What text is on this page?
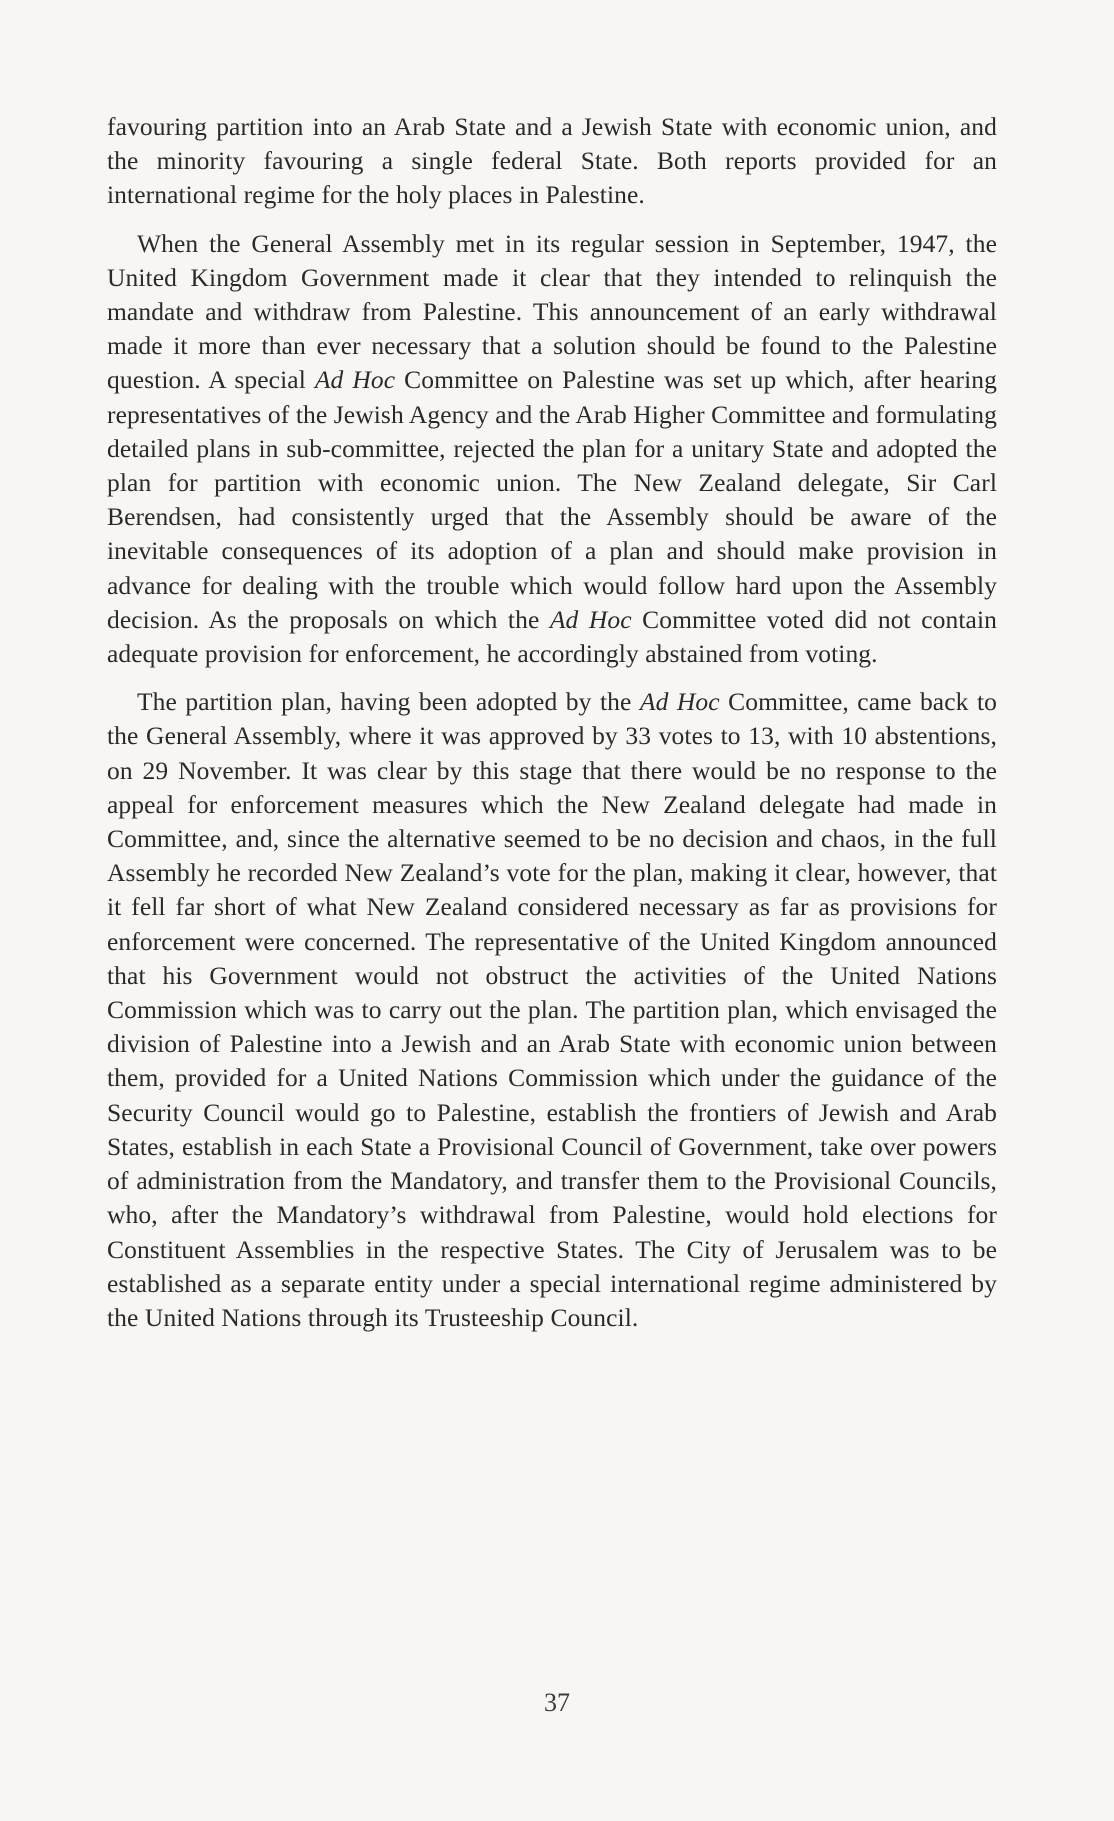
favouring partition into an Arab State and a Jewish State with economic union, and the minority favouring a single federal State. Both reports provided for an international regime for the holy places in Palestine.

When the General Assembly met in its regular session in September, 1947, the United Kingdom Government made it clear that they intended to relinquish the mandate and withdraw from Palestine. This announcement of an early withdrawal made it more than ever necessary that a solution should be found to the Palestine question. A special Ad Hoc Committee on Palestine was set up which, after hearing representatives of the Jewish Agency and the Arab Higher Committee and formulating detailed plans in sub-committee, rejected the plan for a unitary State and adopted the plan for partition with economic union. The New Zealand delegate, Sir Carl Berendsen, had consistently urged that the Assembly should be aware of the inevitable consequences of its adoption of a plan and should make provision in advance for dealing with the trouble which would follow hard upon the Assembly decision. As the proposals on which the Ad Hoc Committee voted did not contain adequate provision for enforcement, he accordingly abstained from voting.

The partition plan, having been adopted by the Ad Hoc Committee, came back to the General Assembly, where it was approved by 33 votes to 13, with 10 abstentions, on 29 November. It was clear by this stage that there would be no response to the appeal for enforcement measures which the New Zealand delegate had made in Committee, and, since the alternative seemed to be no decision and chaos, in the full Assembly he recorded New Zealand’s vote for the plan, making it clear, however, that it fell far short of what New Zealand considered necessary as far as provisions for enforcement were concerned. The representative of the United Kingdom announced that his Government would not obstruct the activities of the United Nations Commission which was to carry out the plan. The partition plan, which envisaged the division of Palestine into a Jewish and an Arab State with economic union between them, provided for a United Nations Commission which under the guidance of the Security Council would go to Palestine, establish the frontiers of Jewish and Arab States, establish in each State a Provisional Council of Government, take over powers of administration from the Mandatory, and transfer them to the Provisional Councils, who, after the Mandatory’s withdrawal from Palestine, would hold elections for Constituent Assemblies in the respective States. The City of Jerusalem was to be established as a separate entity under a special international regime administered by the United Nations through its Trusteeship Council.

37
